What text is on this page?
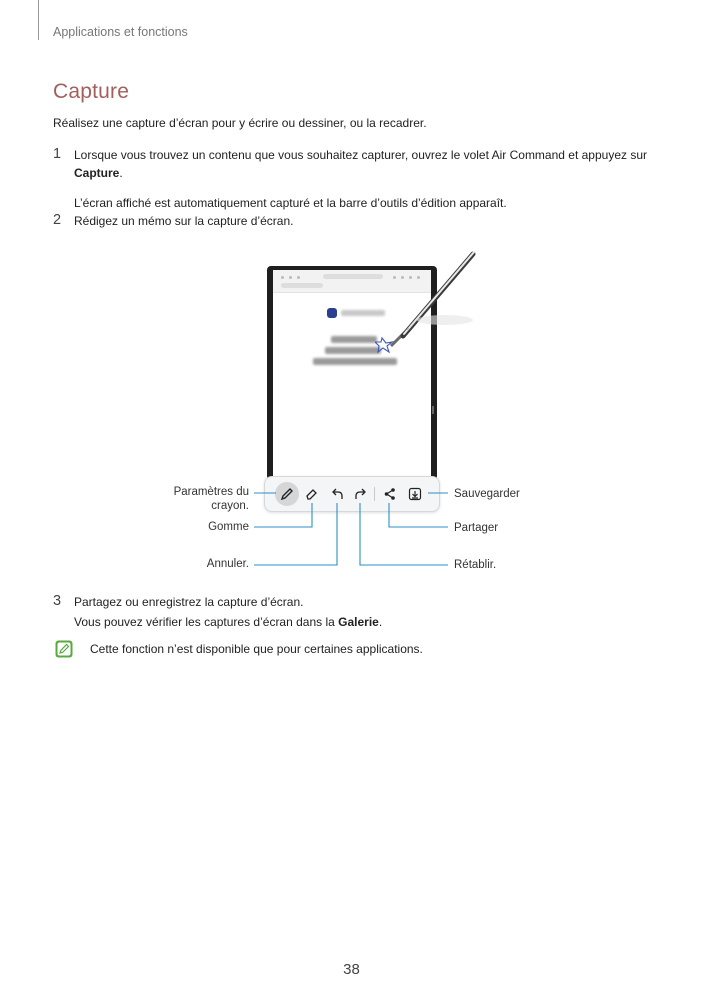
Applications et fonctions
Capture
Réalisez une capture d’écran pour y écrire ou dessiner, ou la recadrer.
1 Lorsque vous trouvez un contenu que vous souhaitez capturer, ouvrez le volet Air Command et appuyez sur Capture.
L’écran affiché est automatiquement capturé et la barre d’outils d’édition apparaît.
2 Rédigez un mémo sur la capture d’écran.
Paramètres du
crayon.
Gomme
Annuler.
Sauvegarder
Partager
Rétablir.
3 Partagez ou enregistrez la capture d’écran.
Vous pouvez vérifier les captures d’écran dans la Galerie.
Cette fonction n’est disponible que pour certaines applications.
38
